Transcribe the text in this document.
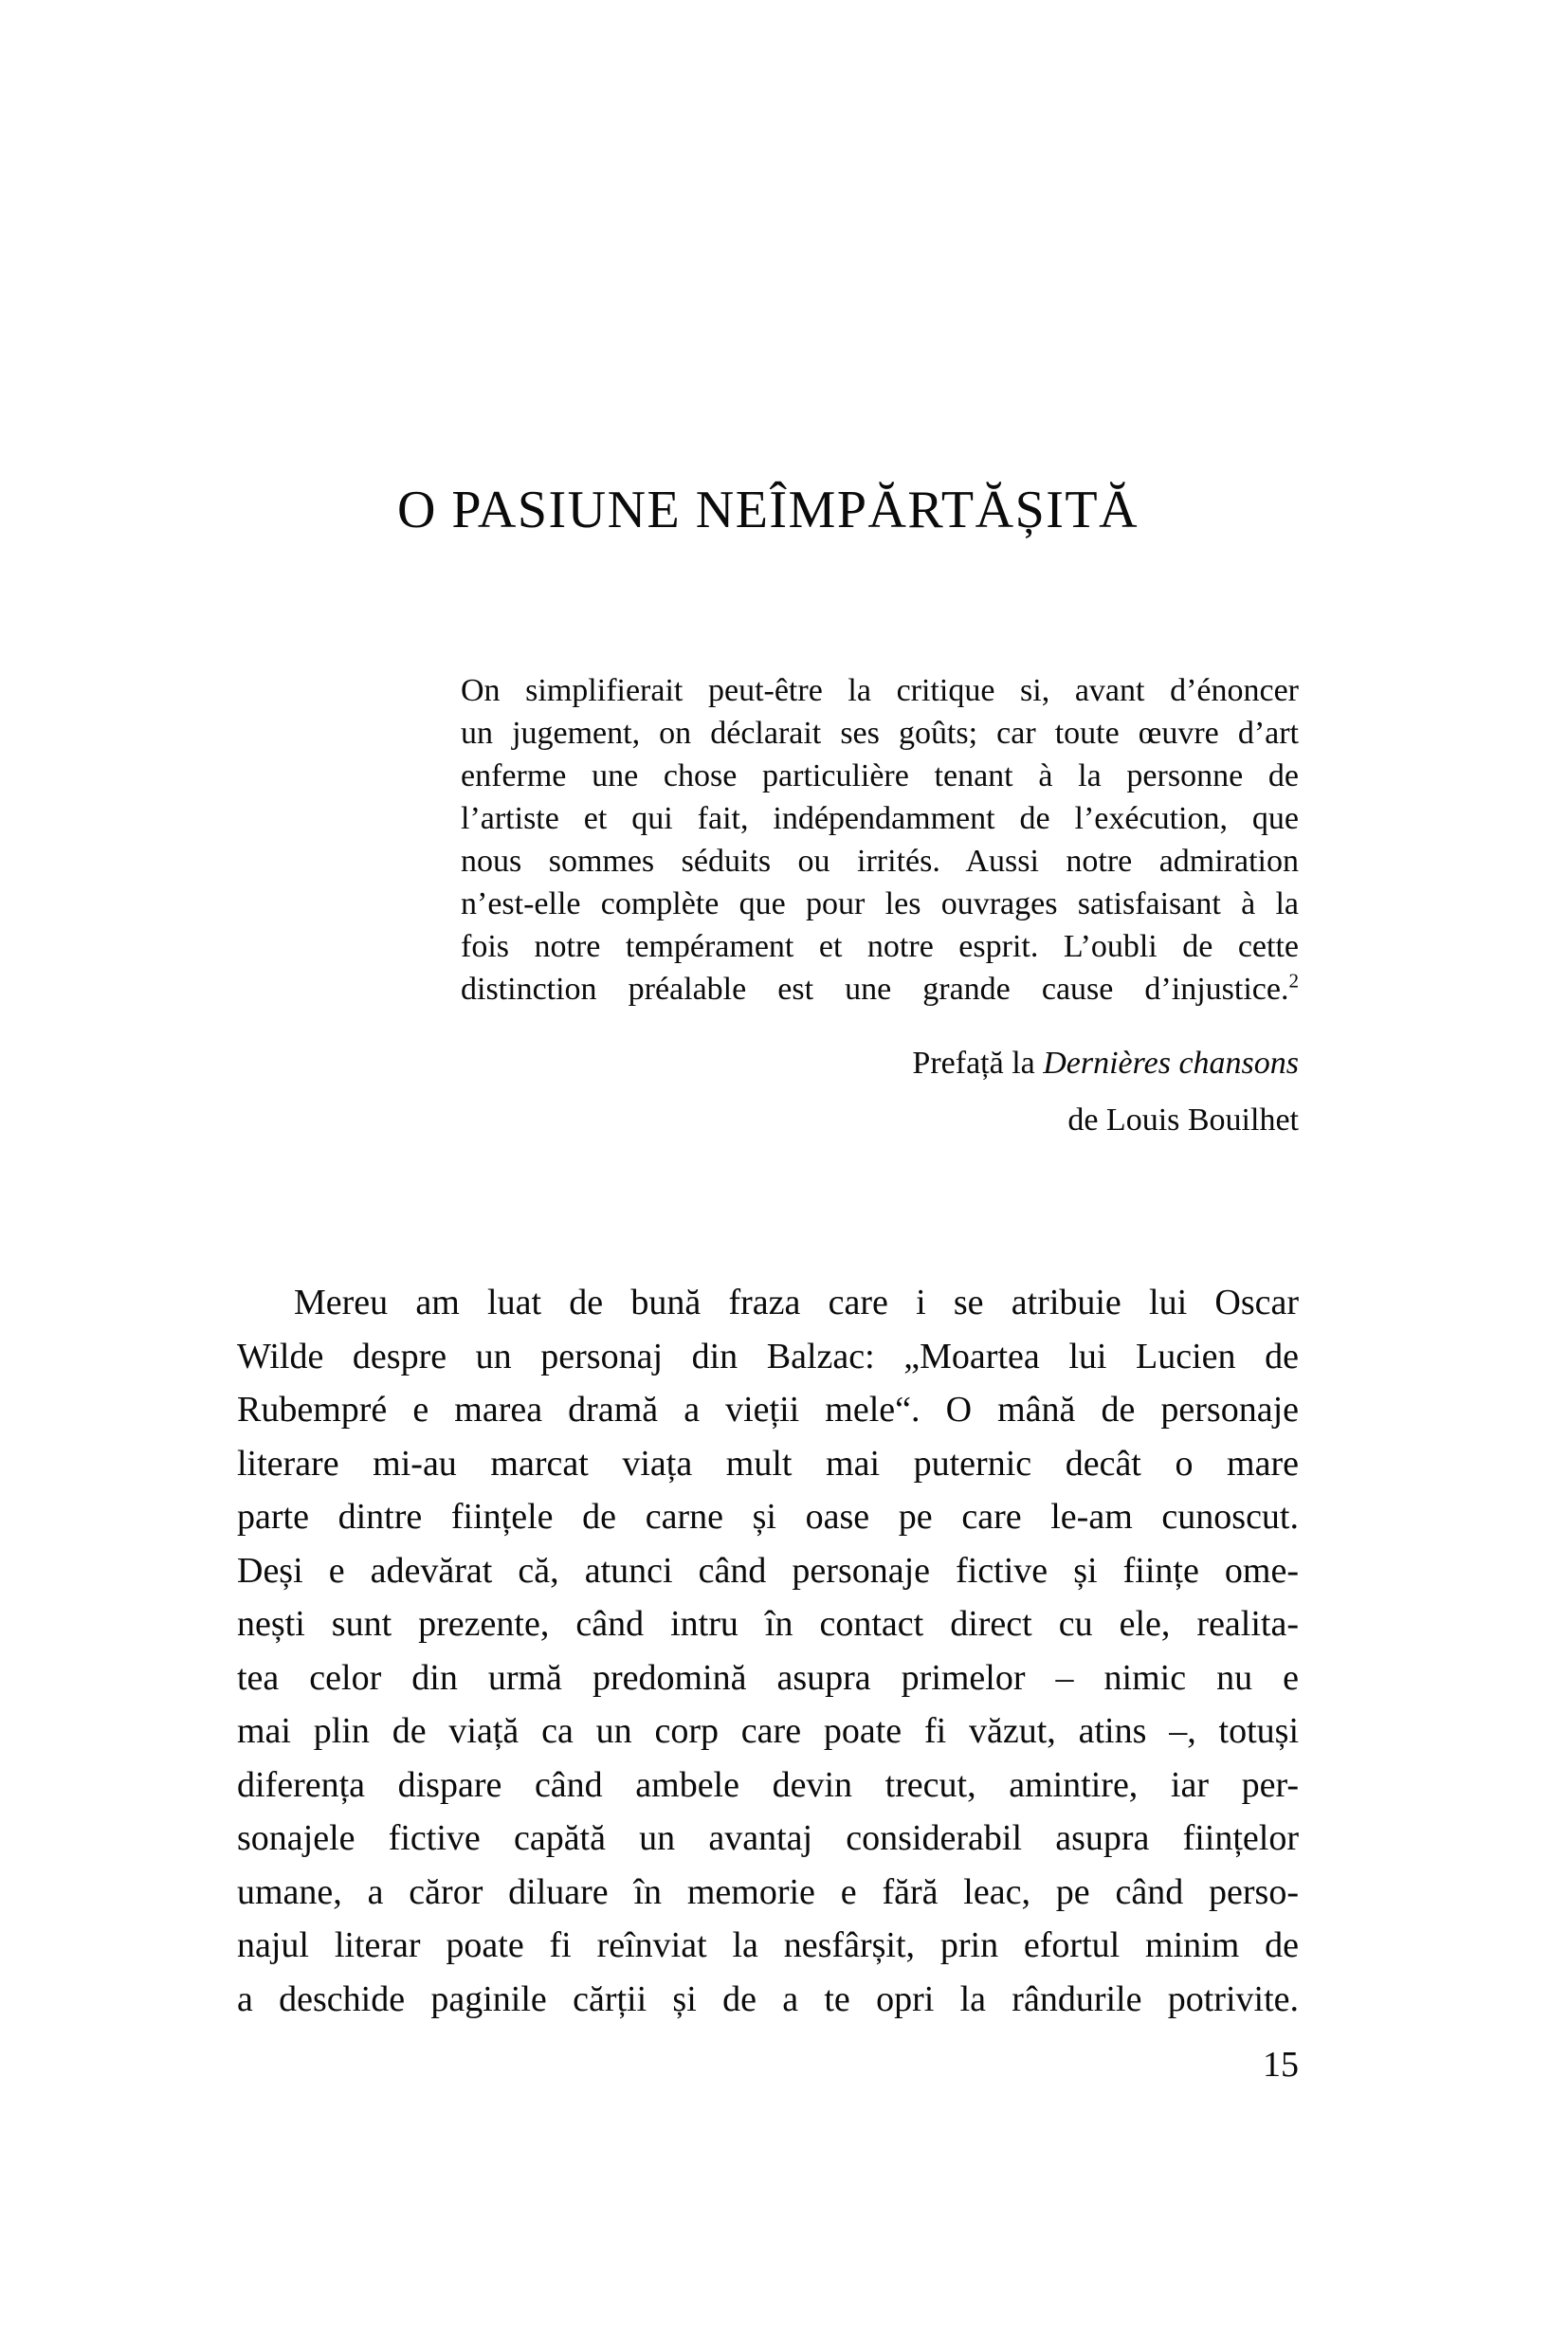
O PASIUNE NEÎMPĂRTĂȘITĂ
On simplifierait peut-être la critique si, avant d’énoncer
un jugement, on déclarait ses goûts; car toute œuvre d’art
enferme une chose particulière tenant à la personne de
l’artiste et qui fait, indépendamment de l’exécution, que
nous sommes séduits ou irrités. Aussi notre admiration
n’est-elle complète que pour les ouvrages satisfaisant à la
fois notre tempérament et notre esprit. L’oubli de cette
distinction préalable est une grande cause d’injustice.$^2$
Prefață la Dernières chansons
de Louis Bouilhet
Mereu am luat de bună fraza care i se atribuie lui Oscar
Wilde despre un personaj din Balzac: „Moartea lui Lucien de
Rubempré e marea dramă a vieții mele“. O mână de personaje
literare mi-au marcat viața mult mai puternic decât o mare
parte dintre ființele de carne și oase pe care le-am cunoscut.
Deși e adevărat că, atunci când personaje fictive și ființe ome-
nești sunt prezente, când intru în contact direct cu ele, realita-
tea celor din urmă predomină asupra primelor – nimic nu e
mai plin de viață ca un corp care poate fi văzut, atins –, totuși
diferența dispare când ambele devin trecut, amintire, iar per-
sonajele fictive capătă un avantaj considerabil asupra ființelor
umane, a căror diluare în memorie e fără leac, pe când perso-
najul literar poate fi reînviat la nesfârșit, prin efortul minim de
a deschide paginile cărții și de a te opri la rândurile potrivite.
15
